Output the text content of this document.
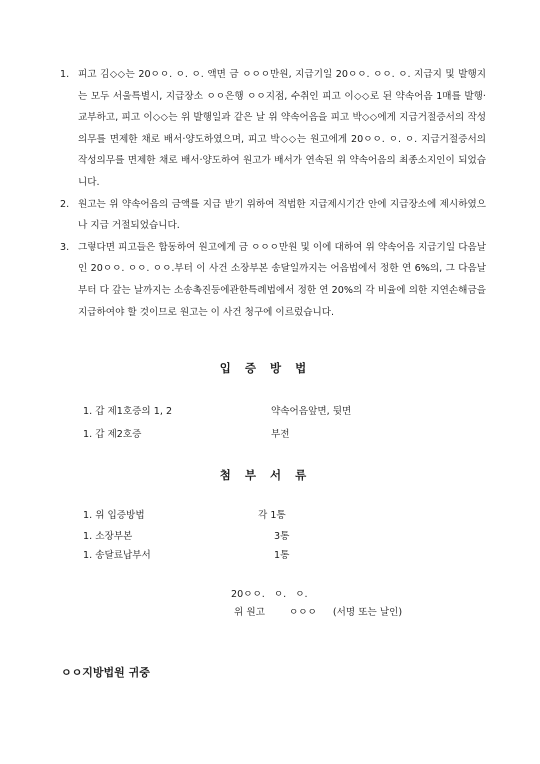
1. 피고 김◇◇는 20ㅇㅇ. ㅇ. ㅇ. 액면 금 ㅇㅇㅇ만원, 지급기일 20ㅇㅇ. ㅇㅇ. ㅇ. 지급지 및 발행지는 모두 서울특별시, 지급장소 ㅇㅇ은행 ㅇㅇ지점, 수취인 피고 이◇◇로 된 약속어음 1매를 발행·교부하고, 피고 이◇◇는 위 발행일과 같은 날 위 약속어음을 피고 박◇◇에게 지급거절증서의 작성의무를 면제한 채로 배서·양도하였으며, 피고 박◇◇는 원고에게 20ㅇㅇ. ㅇ. ㅇ. 지급거절증서의 작성의무를 면제한 채로 배서·양도하여 원고가 배서가 연속된 위 약속어음의 최종소지인이 되었습니다.
2. 원고는 위 약속어음의 금액를 지급 받기 위하여 적법한 지급제시기간 안에 지급장소에 제시하였으나 지급 거절되었습니다.
3. 그렇다면 피고들은 합동하여 원고에게 금 ㅇㅇㅇ만원 및 이에 대하여 위 약속어음 지급기일 다음날인 20ㅇㅇ. ㅇㅇ. ㅇㅇ.부터 이 사건 소장부본 송달일까지는 어음법에서 정한 연 6%의, 그 다음날부터 다 갚는 날까지는 소송촉진등에관한특례법에서 정한 연 20%의 각 비율에 의한 지연손해금을 지급하여야 할 것이므로 원고는 이 사건 청구에 이르렀습니다.
입증방법
1. 갑 제1호증의 1, 2	약속어음앞면, 뒷면
1. 갑 제2호증	부전
첨부서류
1. 위 입증방법	각 1통
1. 소장부본	3통
1. 송달료납부서	1통
20ㅇㅇ. ㅇ. ㅇ.
위 원고	ㅇㅇㅇ (서명 또는 날인)
ㅇㅇ지방법원 귀중
